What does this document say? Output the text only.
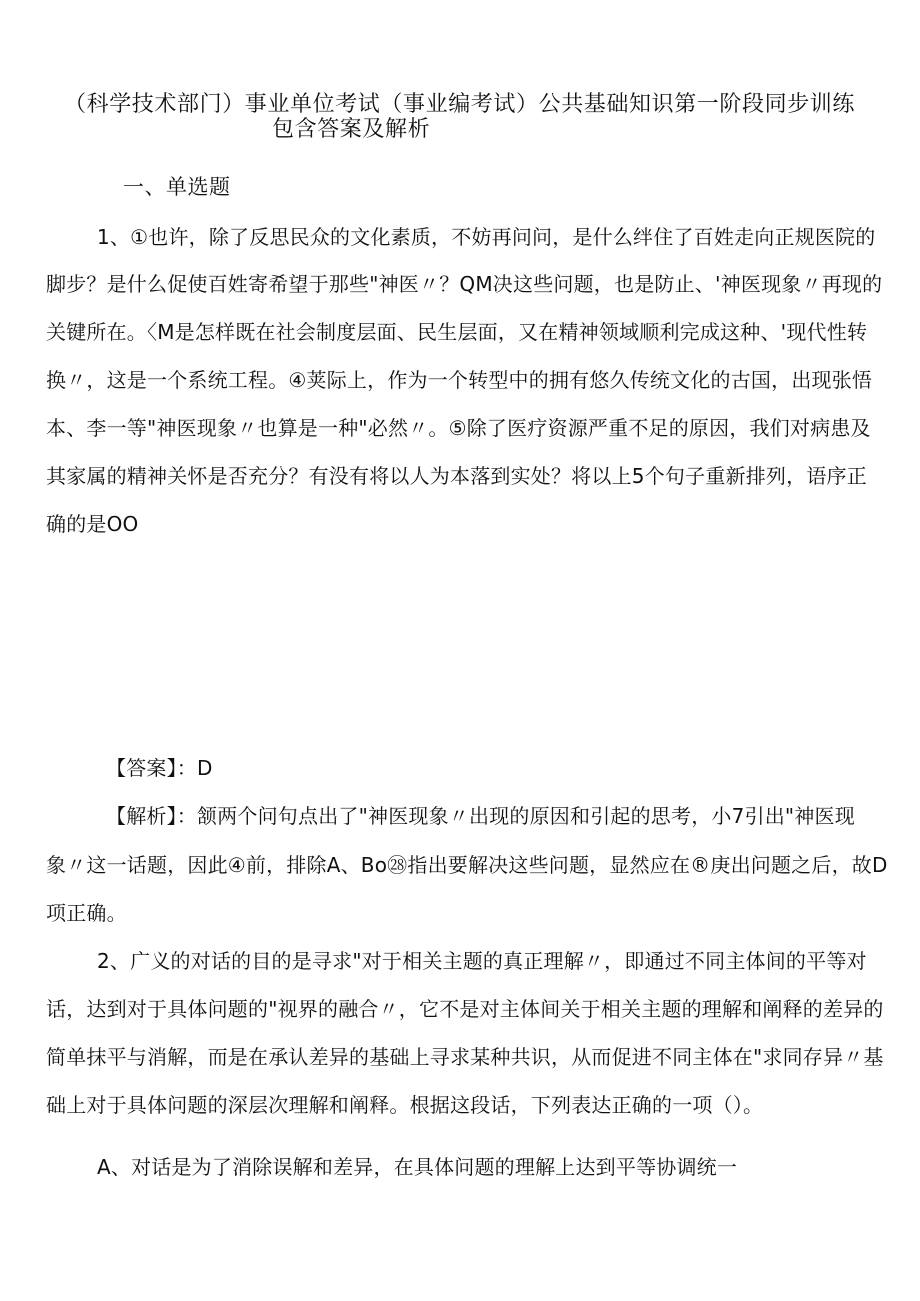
（科学技术部门）事业单位考试（事业编考试）公共基础知识第一阶段同步训练
包含答案及解析
一、单选题
1、①也许，除了反思民众的文化素质，不妨再问问，是什么绊住了百姓走向正规医院的
脚步？是什么促使百姓寄希望于那些"神医〃？QM决这些问题，也是防止、'神医现象〃再现的
关键所在。〈M是怎样既在社会制度层面、民生层面，又在精神领域顺利完成这种、'现代性转
换〃，这是一个系统工程。④荚际上，作为一个转型中的拥有悠久传统文化的古国，出现张悟
本、李一等"神医现象〃也算是一种"必然〃。⑤除了医疗资源严重不足的原因，我们对病患及
其家属的精神关怀是否充分？有没有将以人为本落到实处？将以上5个句子重新排列，语序正
确的是OO
【答案】：D
【解析】：颔两个问句点出了"神医现象〃出现的原因和引起的思考，小7引出"神医现
象〃这一话题，因此④前，排除A、Bo㉘指出要解决这些问题，显然应在®庚出问题之后，故D
项正确。
2、广义的对话的目的是寻求"对于相关主题的真正理解〃，即通过不同主体间的平等对
话，达到对于具体问题的"视界的融合〃，它不是对主体间关于相关主题的理解和阐释的差异的
简单抹平与消解，而是在承认差异的基础上寻求某种共识，从而促进不同主体在"求同存异〃基
础上对于具体问题的深层次理解和阐释。根据这段话，下列表达正确的一项（）。
A、对话是为了消除误解和差异，在具体问题的理解上达到平等协调统一
